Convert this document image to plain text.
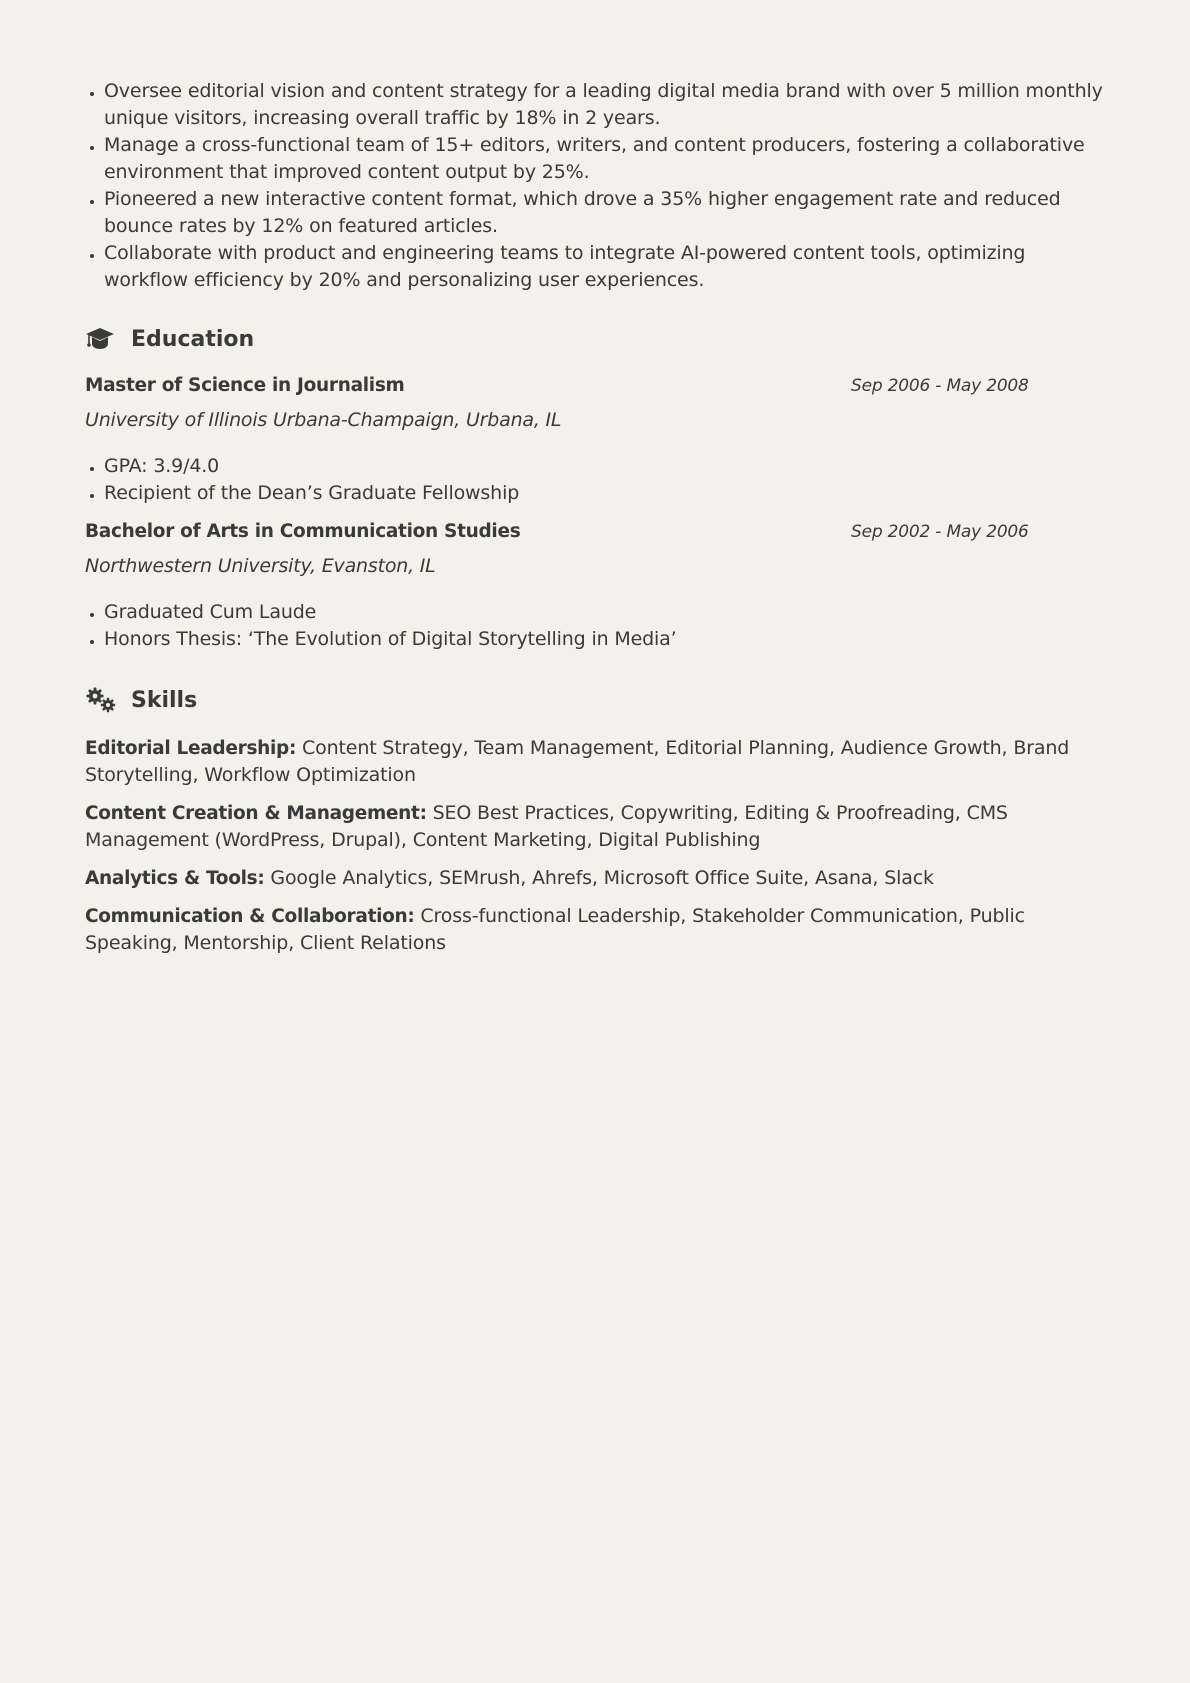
• Oversee editorial vision and content strategy for a leading digital media brand with over 5 million monthly unique visitors, increasing overall traffic by 18% in 2 years.
• Manage a cross-functional team of 15+ editors, writers, and content producers, fostering a collaborative environment that improved content output by 25%.
• Pioneered a new interactive content format, which drove a 35% higher engagement rate and reduced bounce rates by 12% on featured articles.
• Collaborate with product and engineering teams to integrate AI-powered content tools, optimizing workflow efficiency by 20% and personalizing user experiences.
Education
Master of Science in Journalism	Sep 2006 - May 2008
University of Illinois Urbana-Champaign, Urbana, IL
• GPA: 3.9/4.0
• Recipient of the Dean’s Graduate Fellowship
Bachelor of Arts in Communication Studies	Sep 2002 - May 2006
Northwestern University, Evanston, IL
• Graduated Cum Laude
• Honors Thesis: ‘The Evolution of Digital Storytelling in Media’
Skills
Editorial Leadership: Content Strategy, Team Management, Editorial Planning, Audience Growth, Brand Storytelling, Workflow Optimization
Content Creation & Management: SEO Best Practices, Copywriting, Editing & Proofreading, CMS Management (WordPress, Drupal), Content Marketing, Digital Publishing
Analytics & Tools: Google Analytics, SEMrush, Ahrefs, Microsoft Office Suite, Asana, Slack
Communication & Collaboration: Cross-functional Leadership, Stakeholder Communication, Public Speaking, Mentorship, Client Relations
